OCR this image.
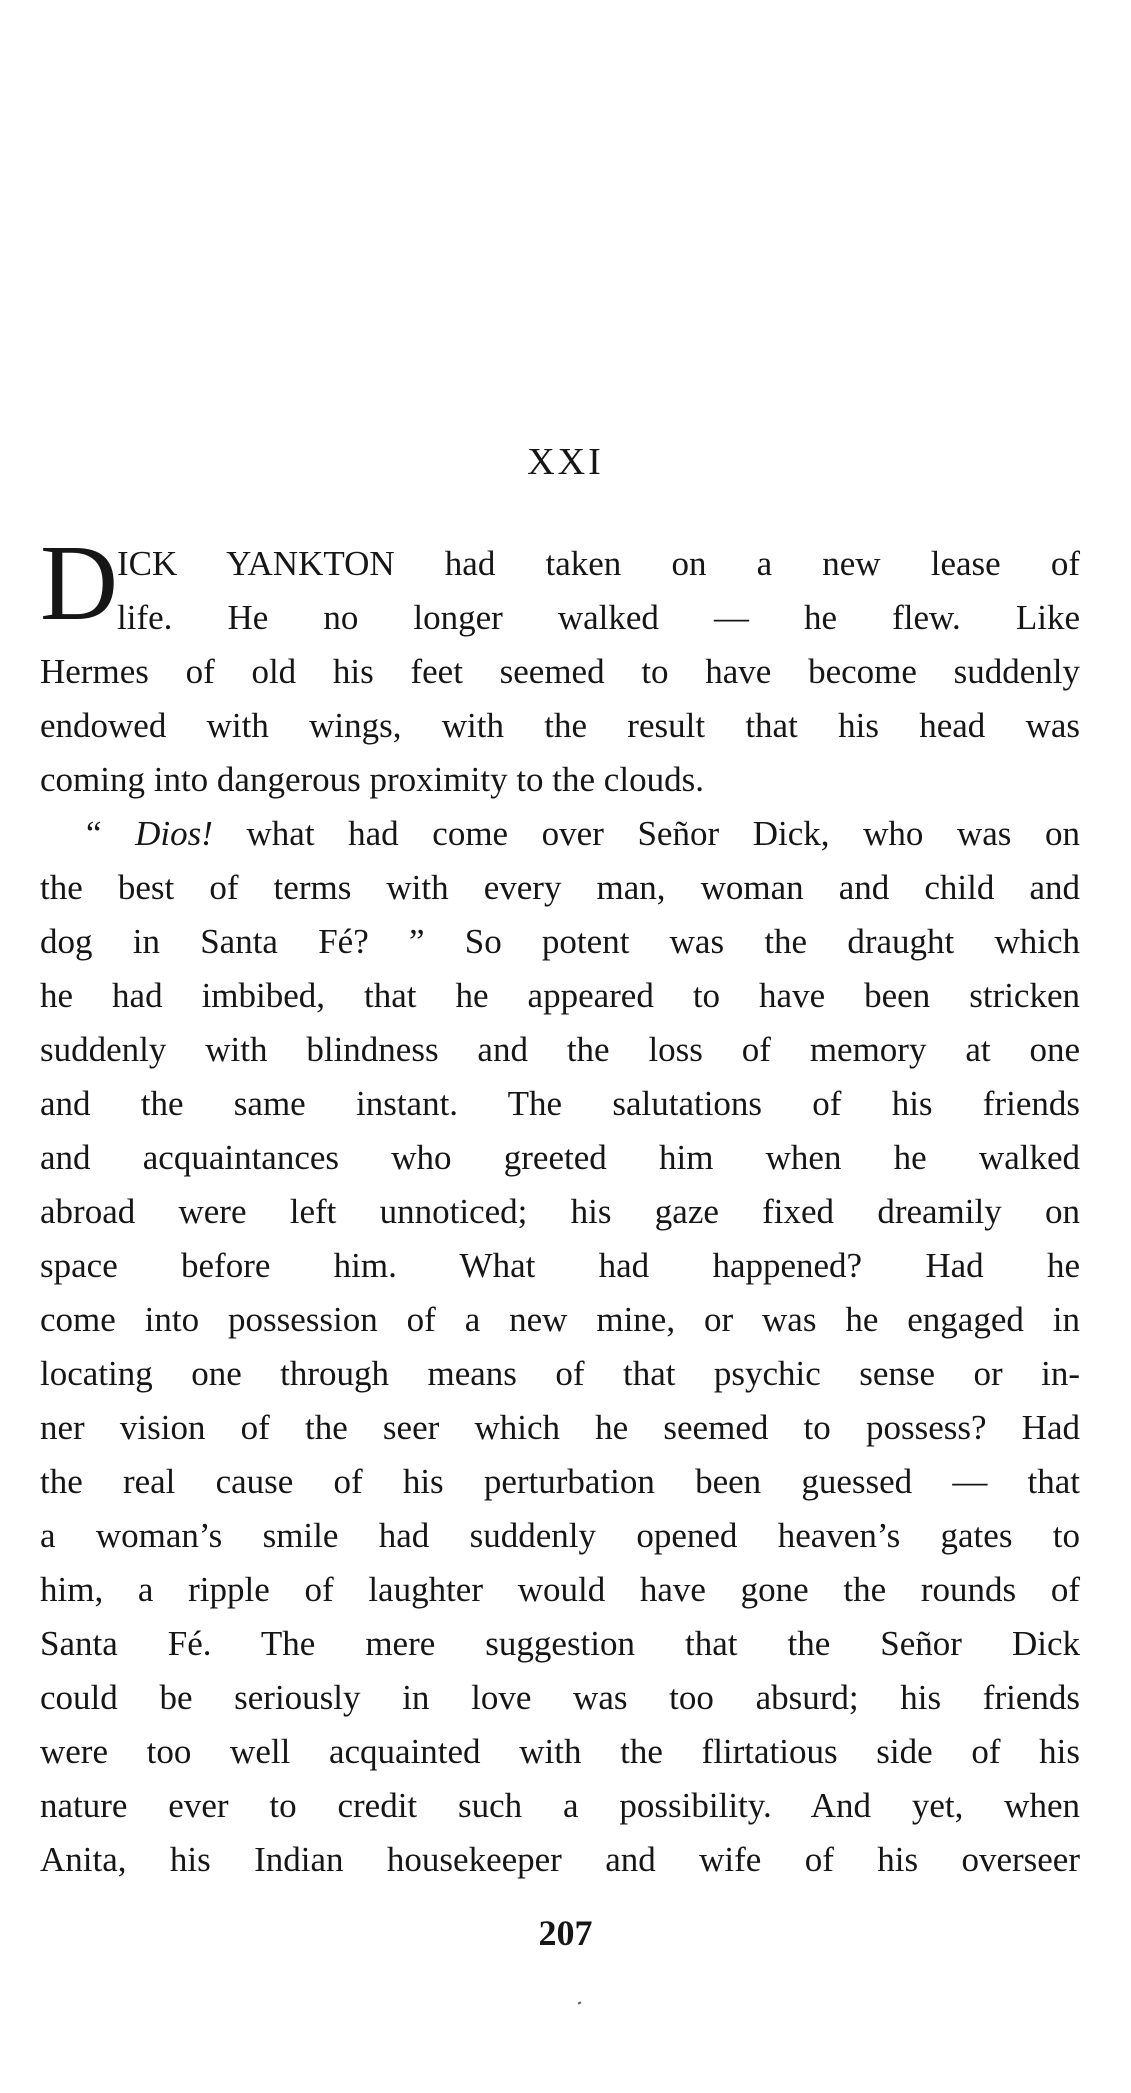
XXI
D ICK YANKTON had taken on a new lease of
life. He no longer walked — he flew. Like
Hermes of old his feet seemed to have become suddenly
endowed with wings, with the result that his head was
coming into dangerous proximity to the clouds.
“ Dios! what had come over Señor Dick, who was on
the best of terms with every man, woman and child and
dog in Santa Fé? ” So potent was the draught which
he had imbibed, that he appeared to have been stricken
suddenly with blindness and the loss of memory at one
and the same instant. The salutations of his friends
and acquaintances who greeted him when he walked
abroad were left unnoticed; his gaze fixed dreamily on
space before him. What had happened? Had he
come into possession of a new mine, or was he engaged in
locating one through means of that psychic sense or in-
ner vision of the seer which he seemed to possess? Had
the real cause of his perturbation been guessed — that
a woman’s smile had suddenly opened heaven’s gates to
him, a ripple of laughter would have gone the rounds of
Santa Fé. The mere suggestion that the Señor Dick
could be seriously in love was too absurd; his friends
were too well acquainted with the flirtatious side of his
nature ever to credit such a possibility. And yet, when
Anita, his Indian housekeeper and wife of his overseer
207
